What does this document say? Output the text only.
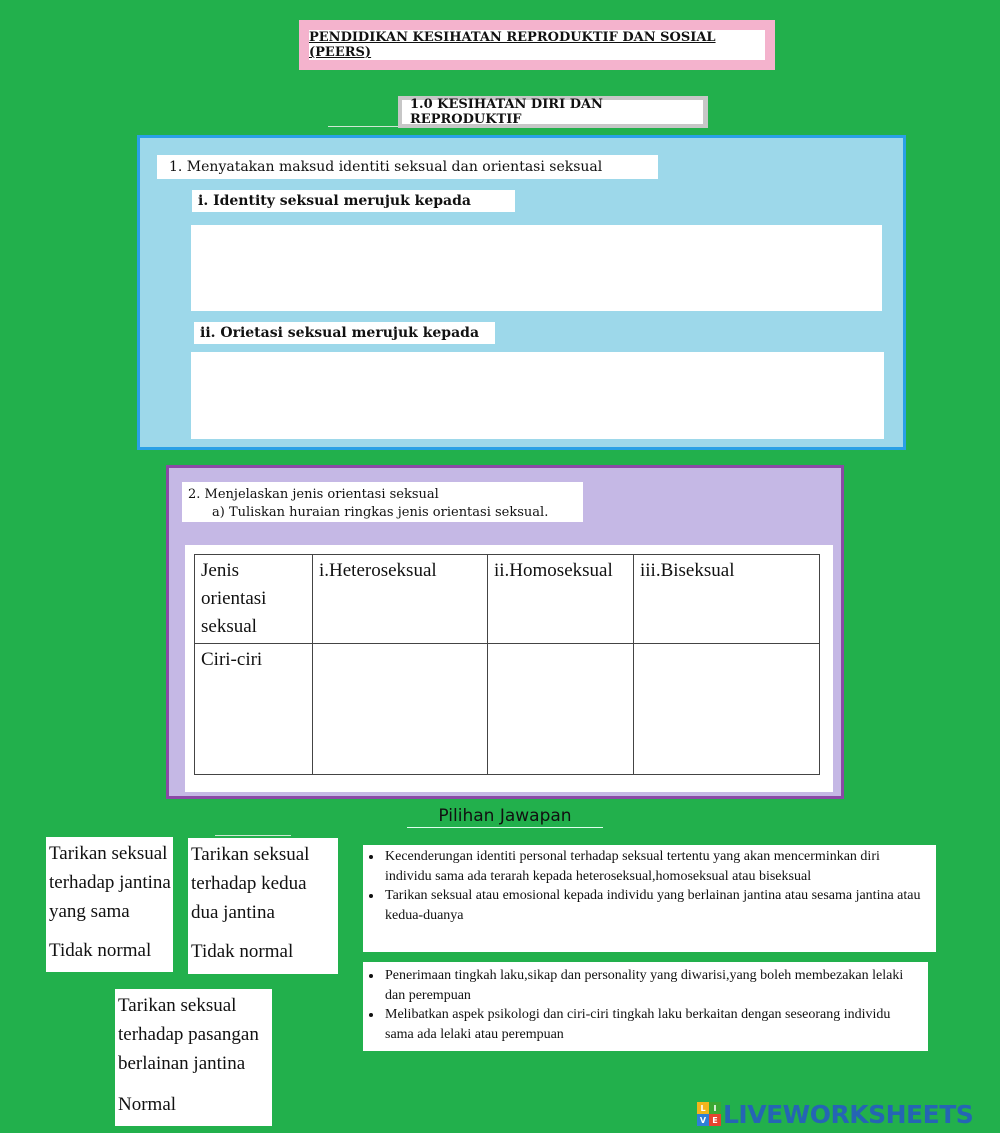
PENDIDIKAN KESIHATAN REPRODUKTIF DAN SOSIAL (PEERS)
1.0 KESIHATAN DIRI DAN REPRODUKTIF
1. Menyatakan maksud identiti seksual dan orientasi seksual
i. Identity seksual merujuk kepada
ii. Orietasi seksual merujuk kepada
2. Menjelaskan jenis orientasi seksual
a) Tuliskan huraian ringkas jenis orientasi seksual.
Jenis orientasi seksual	i.Heteroseksual	ii.Homoseksual	iii.Biseksual
Ciri-ciri			
Pilihan Jawapan
Tarikan seksual terhadap jantina yang sama
Tidak normal
Tarikan seksual terhadap kedua dua jantina
Tidak normal
Tarikan seksual terhadap pasangan berlainan jantina
Normal
• Kecenderungan identiti personal terhadap seksual tertentu yang akan mencerminkan diri individu sama ada terarah kepada heteroseksual,homoseksual atau biseksual
• Tarikan seksual atau emosional kepada individu yang berlainan jantina atau sesama jantina atau kedua-duanya
• Penerimaan tingkah laku,sikap dan personality yang diwarisi,yang boleh membezakan lelaki dan perempuan
• Melibatkan aspek psikologi dan ciri-ciri tingkah laku berkaitan dengan seseorang individu sama ada lelaki atau perempuan
L I
V E LIVEWORKSHEETS
